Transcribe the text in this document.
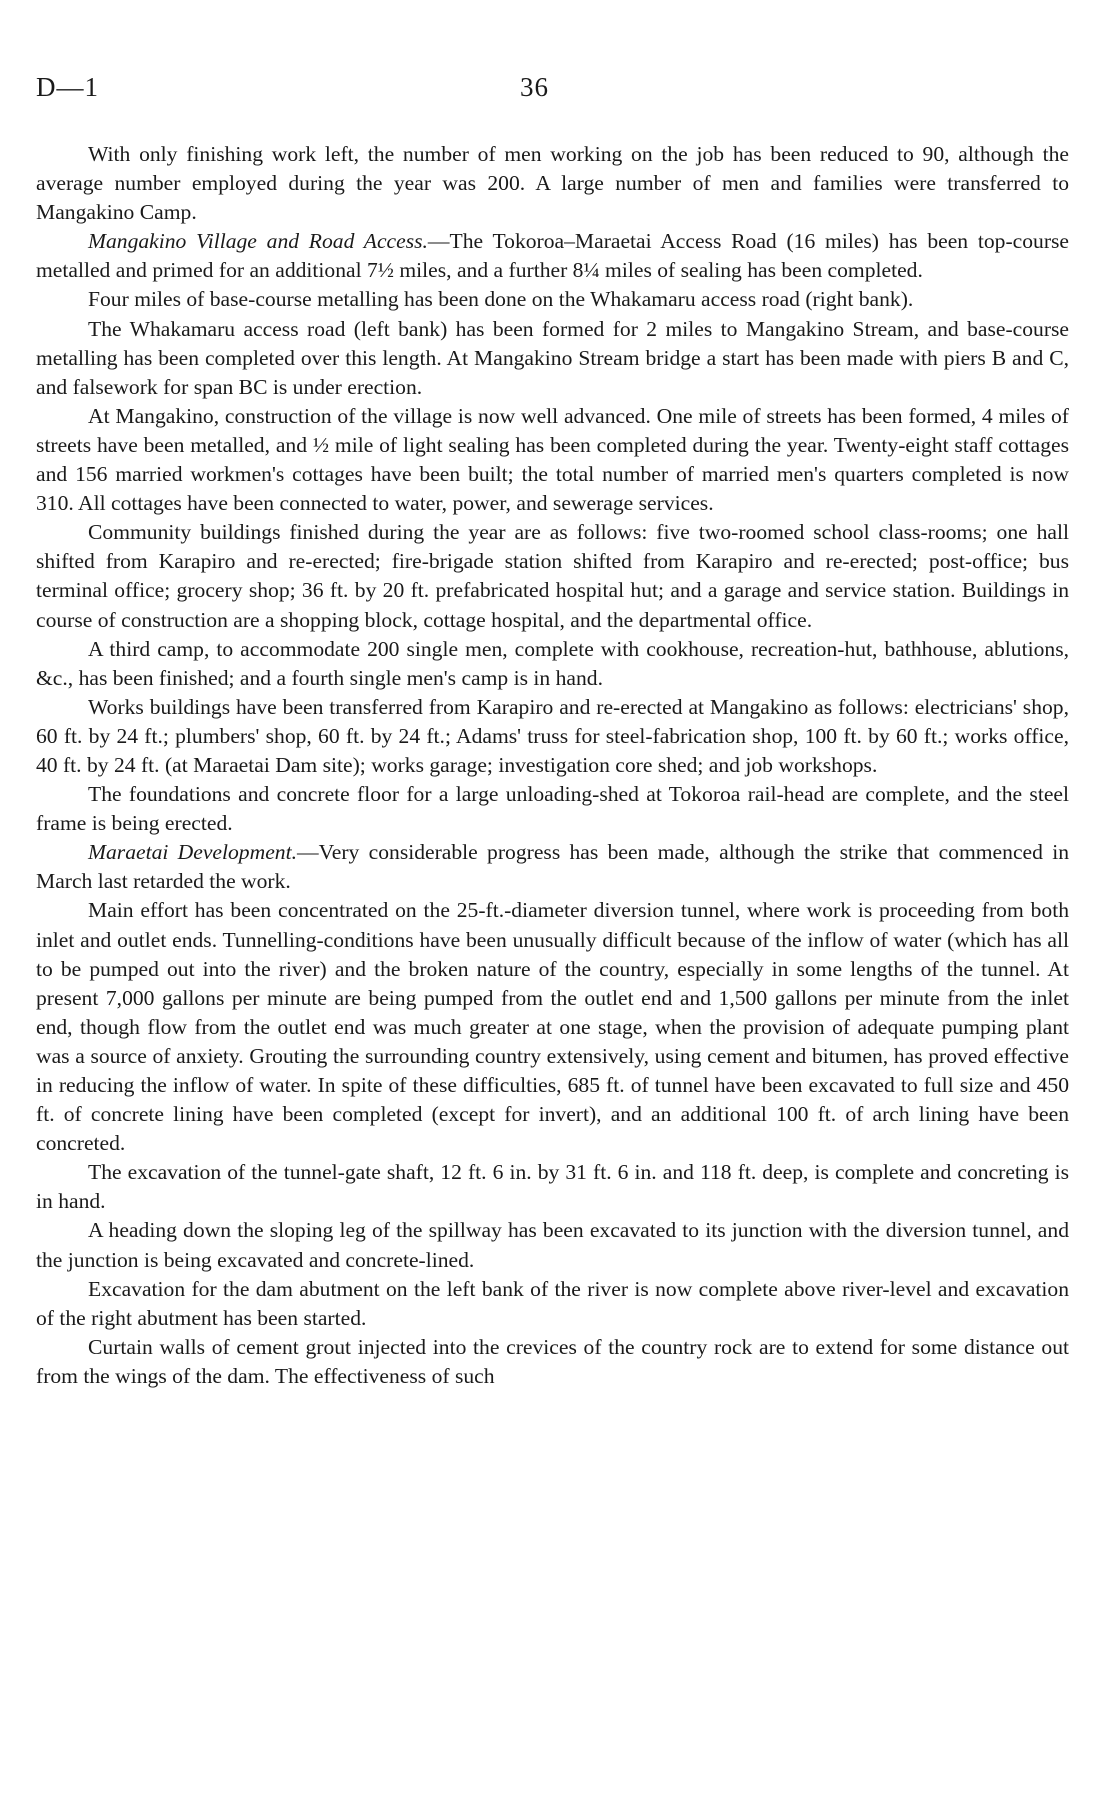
D—1	36

With only finishing work left, the number of men working on the job has been reduced to 90, although the average number employed during the year was 200. A large number of men and families were transferred to Mangakino Camp.

Mangakino Village and Road Access.—The Tokoroa–Maraetai Access Road (16 miles) has been top-course metalled and primed for an additional 7½ miles, and a further 8¼ miles of sealing has been completed.

Four miles of base-course metalling has been done on the Whakamaru access road (right bank).

The Whakamaru access road (left bank) has been formed for 2 miles to Mangakino Stream, and base-course metalling has been completed over this length. At Mangakino Stream bridge a start has been made with piers B and C, and falsework for span BC is under erection.

At Mangakino, construction of the village is now well advanced. One mile of streets has been formed, 4 miles of streets have been metalled, and ½ mile of light sealing has been completed during the year. Twenty-eight staff cottages and 156 married workmen's cottages have been built; the total number of married men's quarters completed is now 310. All cottages have been connected to water, power, and sewerage services.

Community buildings finished during the year are as follows: five two-roomed school class-rooms; one hall shifted from Karapiro and re-erected; fire-brigade station shifted from Karapiro and re-erected; post-office; bus terminal office; grocery shop; 36 ft. by 20 ft. prefabricated hospital hut; and a garage and service station. Buildings in course of construction are a shopping block, cottage hospital, and the departmental office.

A third camp, to accommodate 200 single men, complete with cookhouse, recreation-hut, bathhouse, ablutions, &c., has been finished; and a fourth single men's camp is in hand.

Works buildings have been transferred from Karapiro and re-erected at Mangakino as follows: electricians' shop, 60 ft. by 24 ft.; plumbers' shop, 60 ft. by 24 ft.; Adams' truss for steel-fabrication shop, 100 ft. by 60 ft.; works office, 40 ft. by 24 ft. (at Maraetai Dam site); works garage; investigation core shed; and job workshops.

The foundations and concrete floor for a large unloading-shed at Tokoroa rail-head are complete, and the steel frame is being erected.

Maraetai Development.—Very considerable progress has been made, although the strike that commenced in March last retarded the work.

Main effort has been concentrated on the 25-ft.-diameter diversion tunnel, where work is proceeding from both inlet and outlet ends. Tunnelling-conditions have been unusually difficult because of the inflow of water (which has all to be pumped out into the river) and the broken nature of the country, especially in some lengths of the tunnel. At present 7,000 gallons per minute are being pumped from the outlet end and 1,500 gallons per minute from the inlet end, though flow from the outlet end was much greater at one stage, when the provision of adequate pumping plant was a source of anxiety. Grouting the surrounding country extensively, using cement and bitumen, has proved effective in reducing the inflow of water. In spite of these difficulties, 685 ft. of tunnel have been excavated to full size and 450 ft. of concrete lining have been completed (except for invert), and an additional 100 ft. of arch lining have been concreted.

The excavation of the tunnel-gate shaft, 12 ft. 6 in. by 31 ft. 6 in. and 118 ft. deep, is complete and concreting is in hand.

A heading down the sloping leg of the spillway has been excavated to its junction with the diversion tunnel, and the junction is being excavated and concrete-lined.

Excavation for the dam abutment on the left bank of the river is now complete above river-level and excavation of the right abutment has been started.

Curtain walls of cement grout injected into the crevices of the country rock are to extend for some distance out from the wings of the dam. The effectiveness of such
